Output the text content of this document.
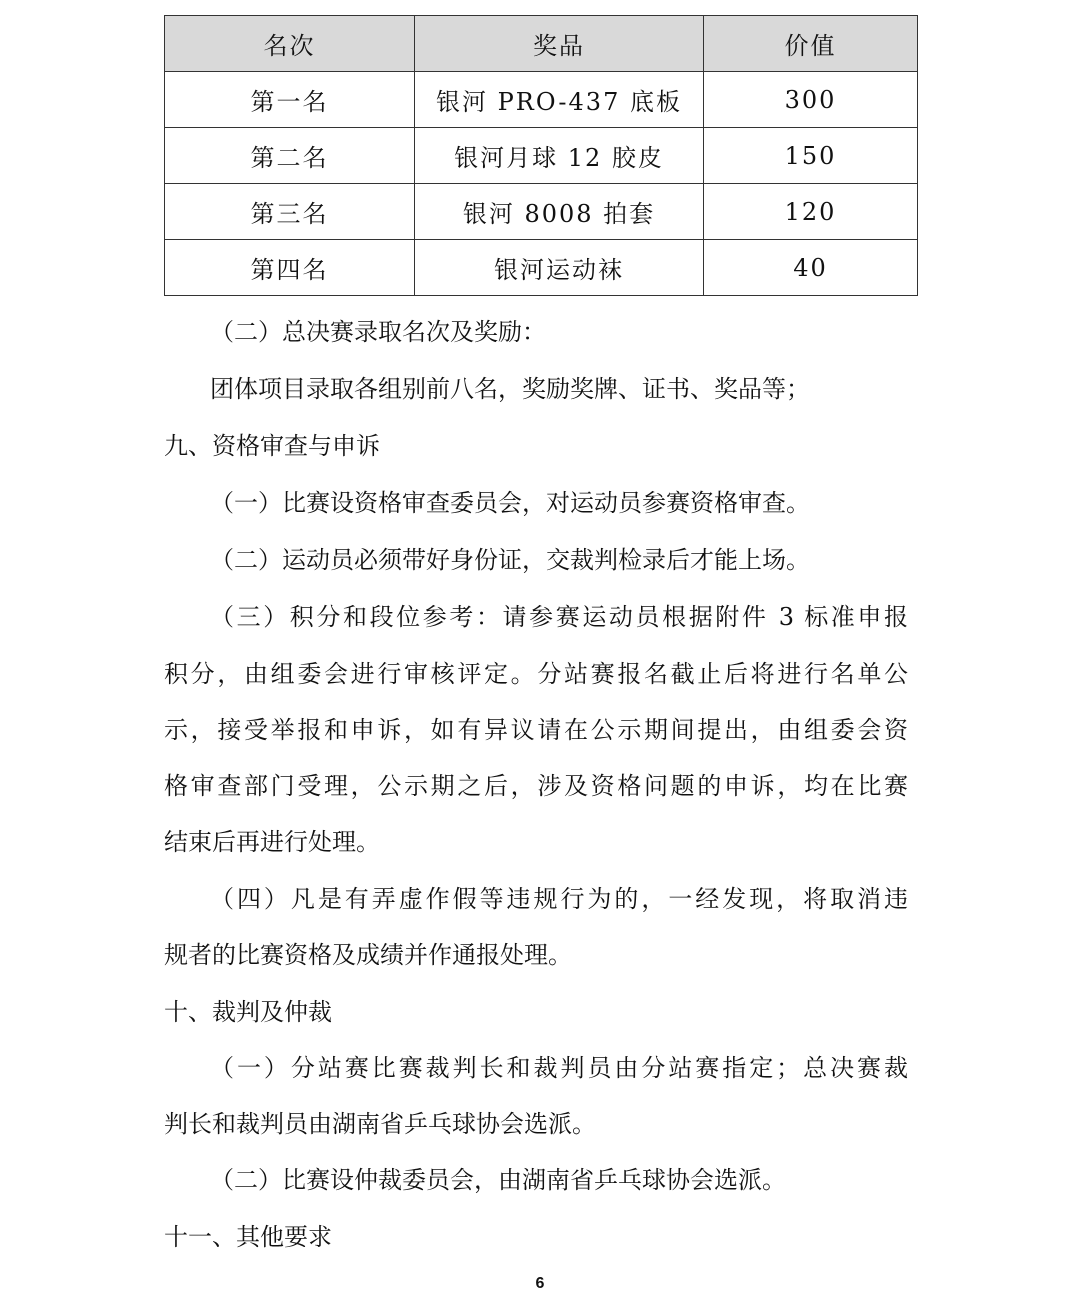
名次	奖品	价值
第一名	银河 PRO-437 底板	300
第二名	银河月球 12 胶皮	150
第三名	银河 8008 拍套	120
第四名	银河运动袜	40
（二）总决赛录取名次及奖励：
团体项目录取各组别前八名，奖励奖牌、证书、奖品等；
九、资格审查与申诉
（一）比赛设资格审查委员会，对运动员参赛资格审查。
（二）运动员必须带好身份证，交裁判检录后才能上场。
（三）积分和段位参考：请参赛运动员根据附件 3 标准申报
积分，由组委会进行审核评定。分站赛报名截止后将进行名单公
示，接受举报和申诉，如有异议请在公示期间提出，由组委会资
格审查部门受理，公示期之后，涉及资格问题的申诉，均在比赛
结束后再进行处理。
（四）凡是有弄虚作假等违规行为的，一经发现，将取消违
规者的比赛资格及成绩并作通报处理。
十、裁判及仲裁
（一）分站赛比赛裁判长和裁判员由分站赛指定；总决赛裁
判长和裁判员由湖南省乒乓球协会选派。
（二）比赛设仲裁委员会，由湖南省乒乓球协会选派。
十一、其他要求
6
